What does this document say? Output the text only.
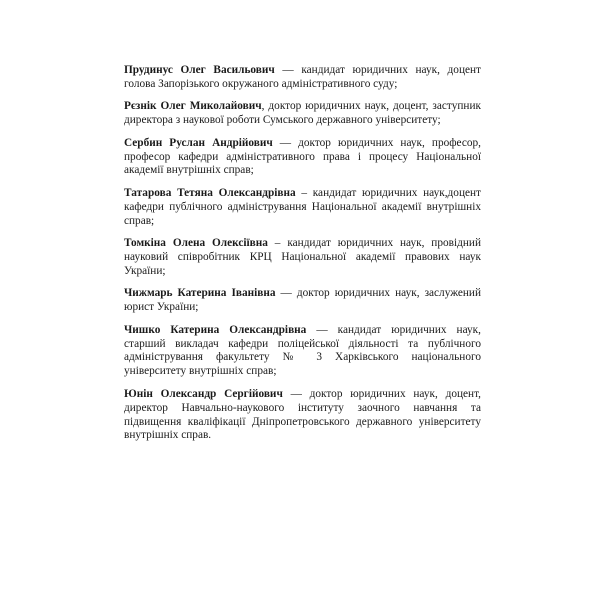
Прудинус Олег Васильович — кандидат юридичних наук, доцент голова Запорізького окружаного адміністративного суду;

Рєзнік Олег Миколайович, доктор юридичних наук, доцент, заступник директора з наукової роботи Сумського державного університету;

Сербин Руслан Андрійович — доктор юридичних наук, професор, професор кафедри адміністративного права і процесу Національної академії внутрішніх справ;

Татарова Тетяна Олександрівна – кандидат юридичних наук,доцент кафедри публічного адміністрування Національної академії внутрішніх справ;

Томкіна Олена Олексіївна – кандидат юридичних наук, провідний науковий співробітник КРЦ Національної академії правових наук України;

Чижмарь Катерина Іванівна — доктор юридичних наук, заслужений юрист України;

Чишко Катерина Олександрівна — кандидат юридичних наук, старший викладач кафедри поліцейської діяльності та публічного адміністрування факультету № 3 Харківського національного університету внутрішніх справ;

Юнін Олександр Сергійович — доктор юридичних наук, доцент, директор Навчально-наукового інституту заочного навчання та підвищення кваліфікації Дніпропетровського державного університету внутрішніх справ.
